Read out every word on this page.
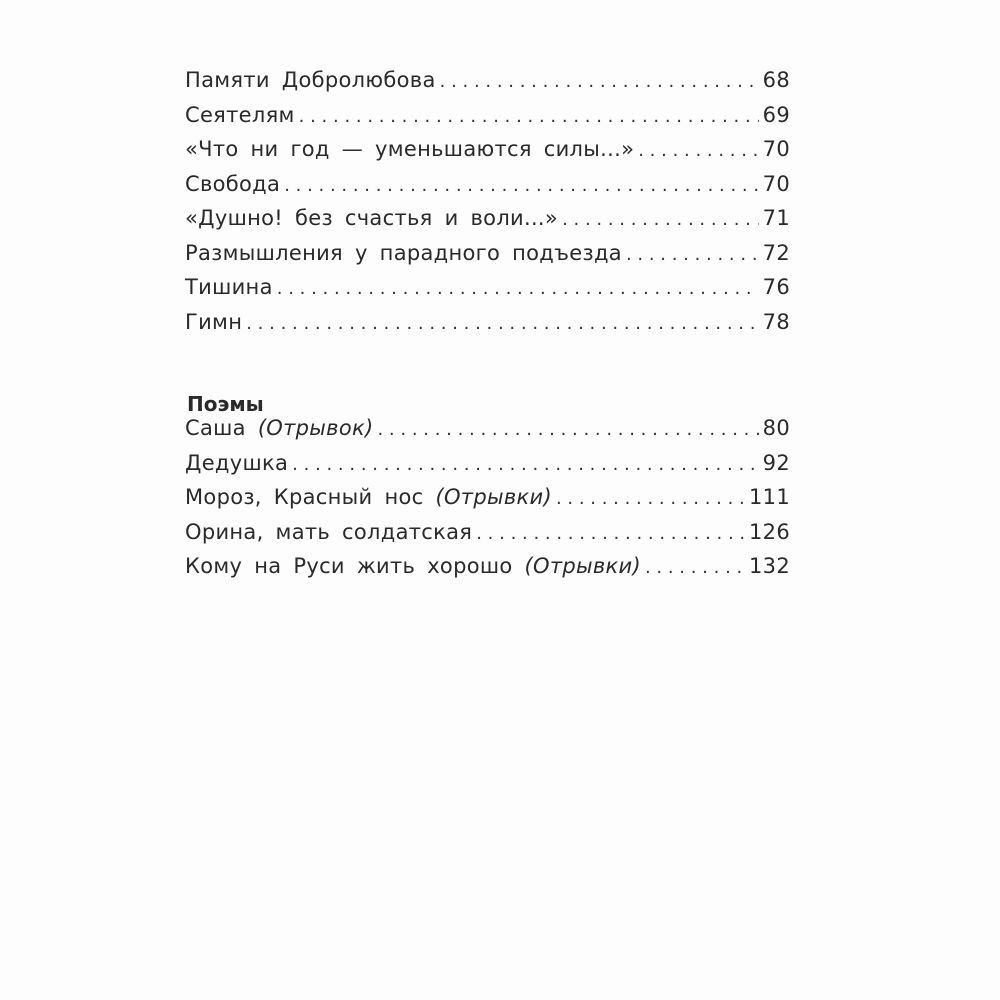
Памяти Добролюбова . . .	68
Сеятелям . . .	69
«Что ни год — уменьшаются силы...» . . .	70
Свобода . . .	70
«Душно! без счастья и воли...» . . .	71
Размышления у парадного подъезда . . .	72
Тишина . . .	76
Гимн . . .	78
Поэмы
Саша (Отрывок) . . .	80
Дедушка . . .	92
Мороз, Красный нос (Отрывки) . . .	111
Орина, мать солдатская . . .	126
Кому на Руси жить хорошо (Отрывки) . . .	132
